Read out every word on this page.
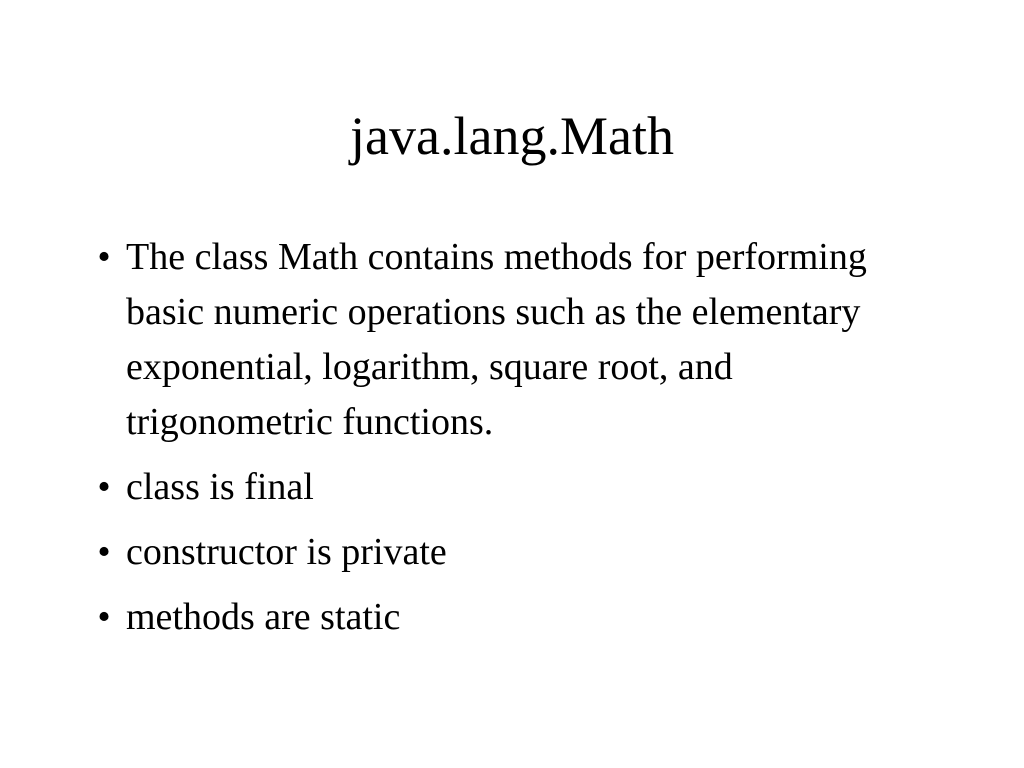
java.lang.Math
• The class Math contains methods for performing basic numeric operations such as the elementary exponential, logarithm, square root, and trigonometric functions.
• class is final
• constructor is private
• methods are static
